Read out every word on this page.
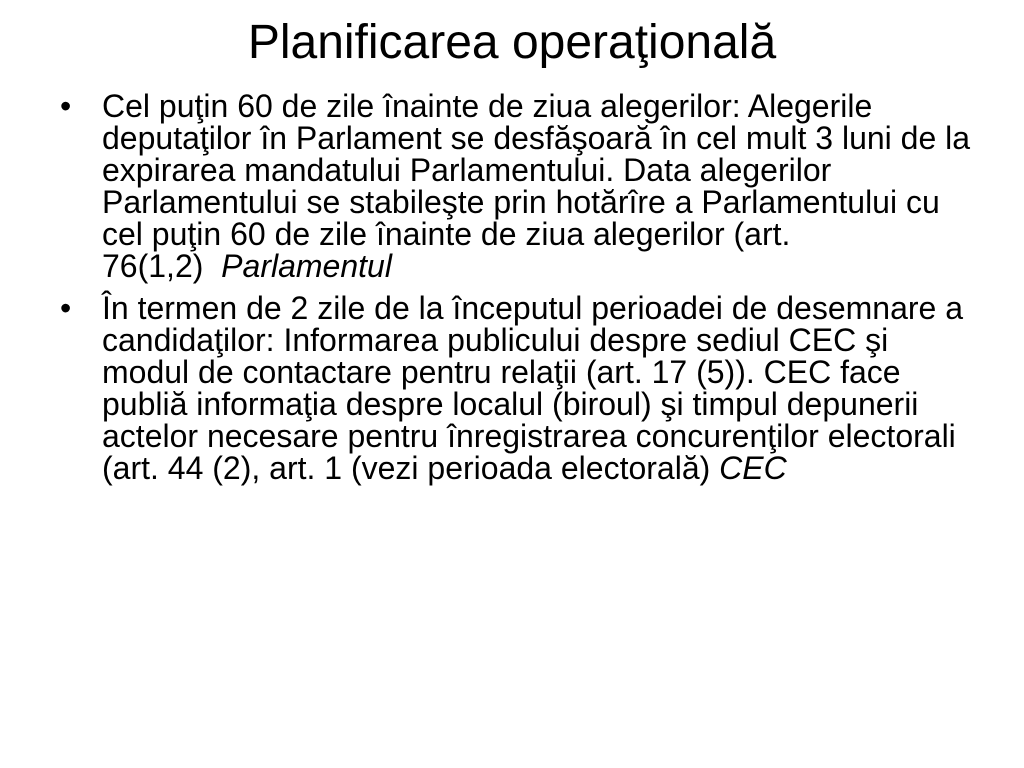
Planificarea operaţională
• Cel puţin 60 de zile înainte de ziua alegerilor: Alegerile deputaţilor în Parlament se desfăşoară în cel mult 3 luni de la expirarea mandatului Parlamentului. Data alegerilor Parlamentului se stabileşte prin hotărîre a Parlamentului cu cel puţin 60 de zile înainte de ziua alegerilor (art. 76(1,2) Parlamentul
• În termen de 2 zile de la începutul perioadei de desemnare a candidaţilor: Informarea publicului despre sediul CEC şi modul de contactare pentru relaţii (art. 17 (5)). CEC face publiă informaţia despre localul (biroul) şi timpul depunerii actelor necesare pentru înregistrarea concurenţilor electorali (art. 44 (2), art. 1 (vezi perioada electorală) CEC
